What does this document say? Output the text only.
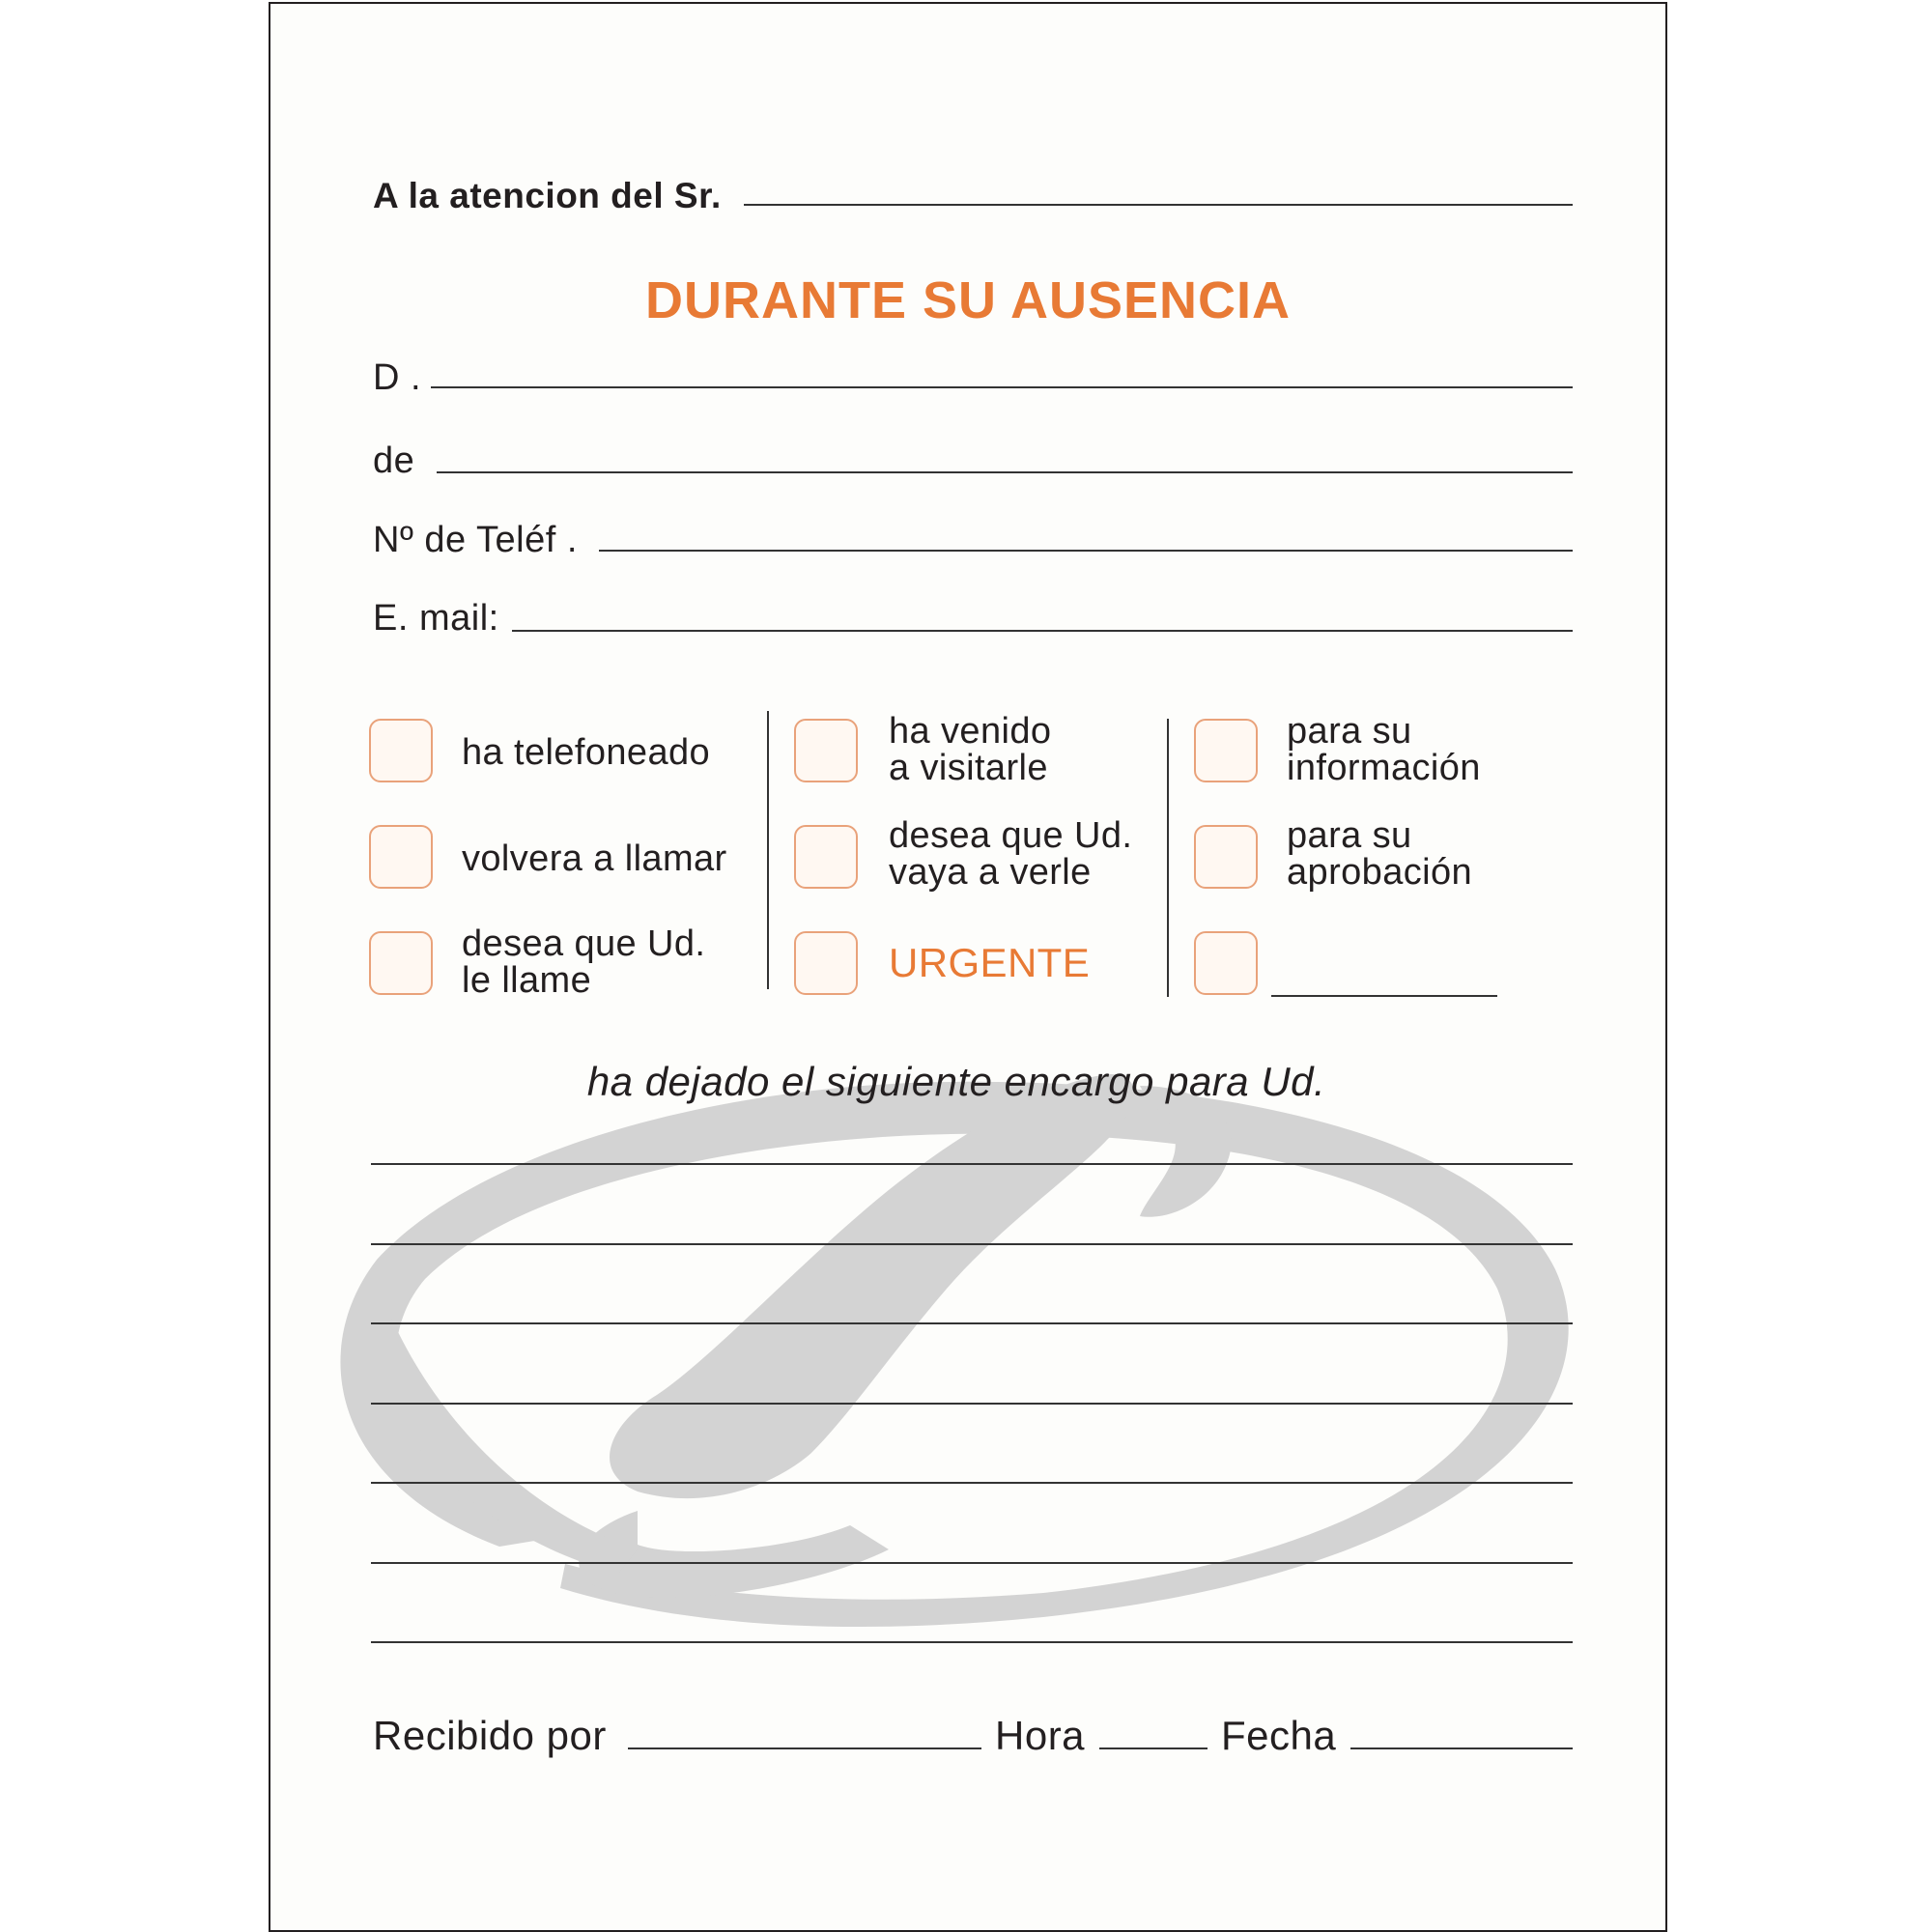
A la atencion del Sr.
DURANTE SU AUSENCIA
D .
de
Nº de Teléf .
E. mail:
ha telefoneado
volvera a llamar
desea que Ud.
le llame
ha venido
a visitarle
desea que Ud.
vaya a verle
URGENTE
para su
información
para su
aprobación
ha dejado el siguiente encargo para Ud.
Recibido por	Hora	Fecha
